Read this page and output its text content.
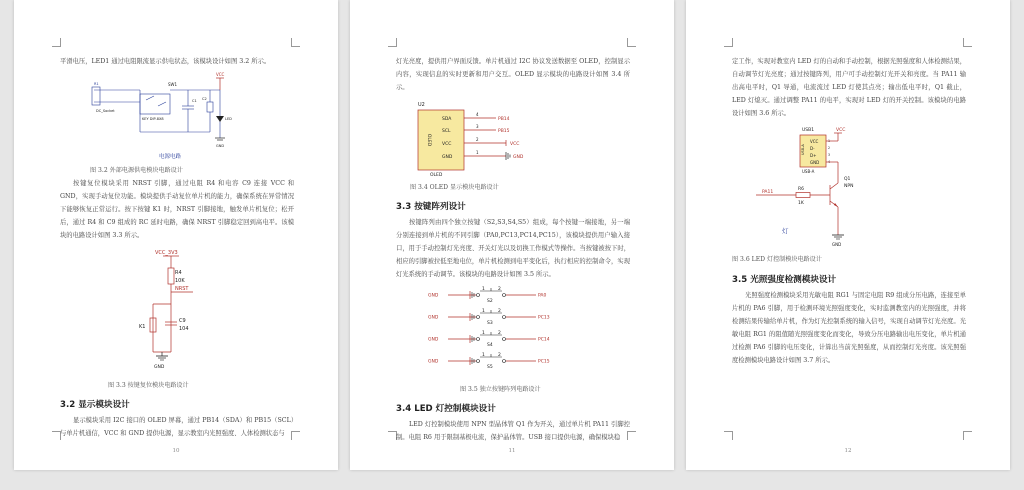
平滑电压，LED1 通过电阻限流显示供电状态，该模块设计如图 3.2 所示。
VCC
SW1
R1
DC_Socket
KEY DIP-8X8
C1 C2
LED
GND
电源电路
图 3.2 外部电源供电模块电路设计
按键复位模块采用 NRST 引脚，通过电阻 R4 和电容 C9 连接 VCC 和 GND，实现手动复位功能。模块提供手动复位单片机的能力，确保系统在异常情况下能够恢复正常运行。按下按键 K1 时，NRST 引脚接地，触发单片机复位；松开后，通过 R4 和 C9 组成的 RC 延时电路，确保 NRST 引脚稳定回到高电平。该模块的电路设计如图 3.3 所示。
VCC_3V3
R4
10K
NRST
K1
C9
104
GND
图 3.3 按键复位模块电路设计
3.2 显示模块设计
显示模块采用 I2C 接口的 OLED 屏幕，通过 PB14（SDA）和 PB15（SCL）与单片机通信，VCC 和 GND 提供电源，显示教室内光照强度、人体检测状态与
10
灯光亮度，提供用户界面反馈。单片机通过 I2C 协议发送数据至 OLED，控制显示内容，实现信息的实时更新和用户交互。OLED 显示模块的电路设计如图 3.4 所示。
U2
OLED
SDA
SCL
VCC
GND
4
3
2
1
PB14
PB15
VCC
GND
OLED
图 3.4 OLED 显示模块电路设计
3.3 按键阵列设计
按键阵列由四个独立按键（S2,S3,S4,S5）组成，每个按键一端接地，另一端分别连接到单片机的不同引脚（PA0,PC13,PC14,PC15），该模块提供用户输入接口，用于手动控制灯光亮度、开关灯光以及切换工作模式等操作。当按键被按下时，相应的引脚被拉低至地电位，单片机检测到电平变化后，执行相应的控制命令，实现灯光系统的手动调节。该模块的电路设计如图 3.5 所示。
GND
1	2
S2
PA0
GND
1	2
S3
PC13
GND
1	2
S4
PC14
GND
1	2
S5
PC15
图 3.5 独立按键阵列电路设计
3.4 LED 灯控制模块设计
LED 灯控制模块使用 NPN 型晶体管 Q1 作为开关，通过单片机 PA11 引脚控制。电阻 R6 用于限制基极电流，保护晶体管。USB 接口提供电源，确保模块稳
11
定工作，实现对教室内 LED 灯的自动和手动控制，根据光照强度和人体检测结果，自动调节灯光亮度；通过按键阵列，用户可手动控制灯光开关和亮度。当 PA11 输出高电平时，Q1 导通，电流流过 LED 灯使其点亮；输出低电平时，Q1 截止，LED 灯熄灭。通过调整 PA11 的电平，实现对 LED 灯的开关控制。该模块的电路设计如图 3.6 所示。
USB1	VCC
USB-A
VCC
D-
D+
GND
1
2
3
4
USB-A
Q1
NPN
PA11
R6
1K
GND
灯
图 3.6 LED 灯控制模块电路设计
3.5 光照强度检测模块设计
光照强度检测模块采用光敏电阻 RG1 与固定电阻 R9 组成分压电路，连接至单片机的 PA6 引脚，用于检测环境光照强度变化，实时监测教室内的光照强度，并将检测结果传输给单片机，作为灯光控制系统的输入信号，实现自动调节灯光亮度。光敏电阻 RG1 的阻值随光照强度变化而变化，导致分压电路输出电压变化，单片机通过检测 PA6 引脚的电压变化，计算出当前光照强度，从而控制灯光亮度。该光照强度检测模块电路设计如图 3.7 所示。
12
